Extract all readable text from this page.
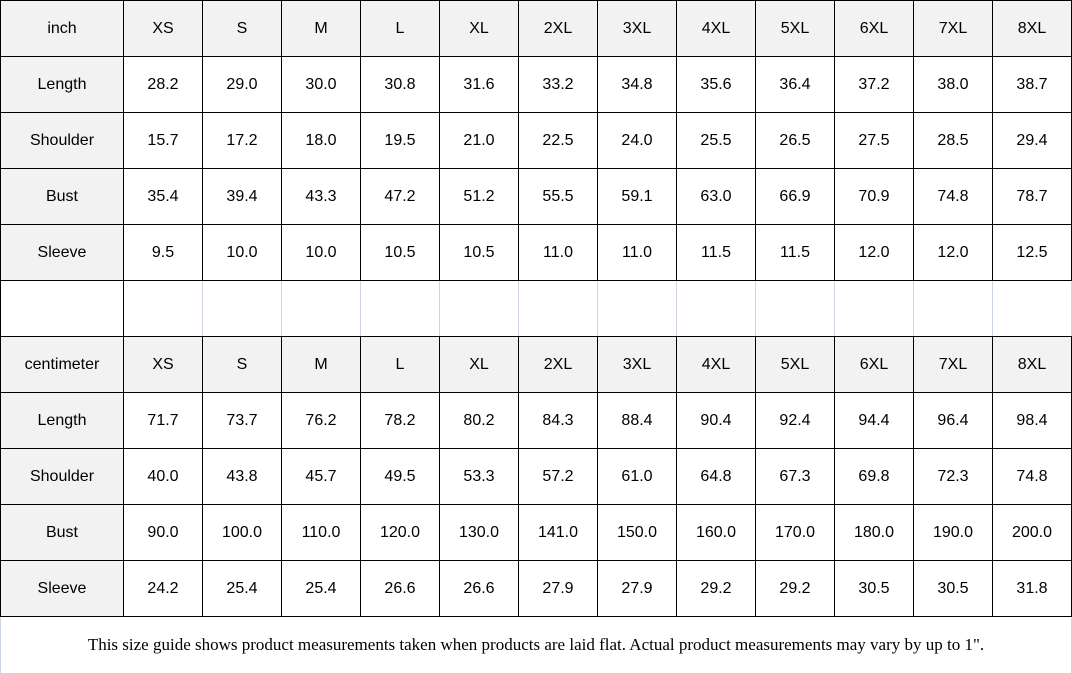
inch	XS	S	M	L	XL	2XL	3XL	4XL	5XL	6XL	7XL	8XL
Length	28.2	29.0	30.0	30.8	31.6	33.2	34.8	35.6	36.4	37.2	38.0	38.7
Shoulder	15.7	17.2	18.0	19.5	21.0	22.5	24.0	25.5	26.5	27.5	28.5	29.4
Bust	35.4	39.4	43.3	47.2	51.2	55.5	59.1	63.0	66.9	70.9	74.8	78.7
Sleeve	9.5	10.0	10.0	10.5	10.5	11.0	11.0	11.5	11.5	12.0	12.0	12.5

centimeter	XS	S	M	L	XL	2XL	3XL	4XL	5XL	6XL	7XL	8XL
Length	71.7	73.7	76.2	78.2	80.2	84.3	88.4	90.4	92.4	94.4	96.4	98.4
Shoulder	40.0	43.8	45.7	49.5	53.3	57.2	61.0	64.8	67.3	69.8	72.3	74.8
Bust	90.0	100.0	110.0	120.0	130.0	141.0	150.0	160.0	170.0	180.0	190.0	200.0
Sleeve	24.2	25.4	25.4	26.6	26.6	27.9	27.9	29.2	29.2	30.5	30.5	31.8
This size guide shows product measurements taken when products are laid flat. Actual product measurements may vary by up to 1".												
